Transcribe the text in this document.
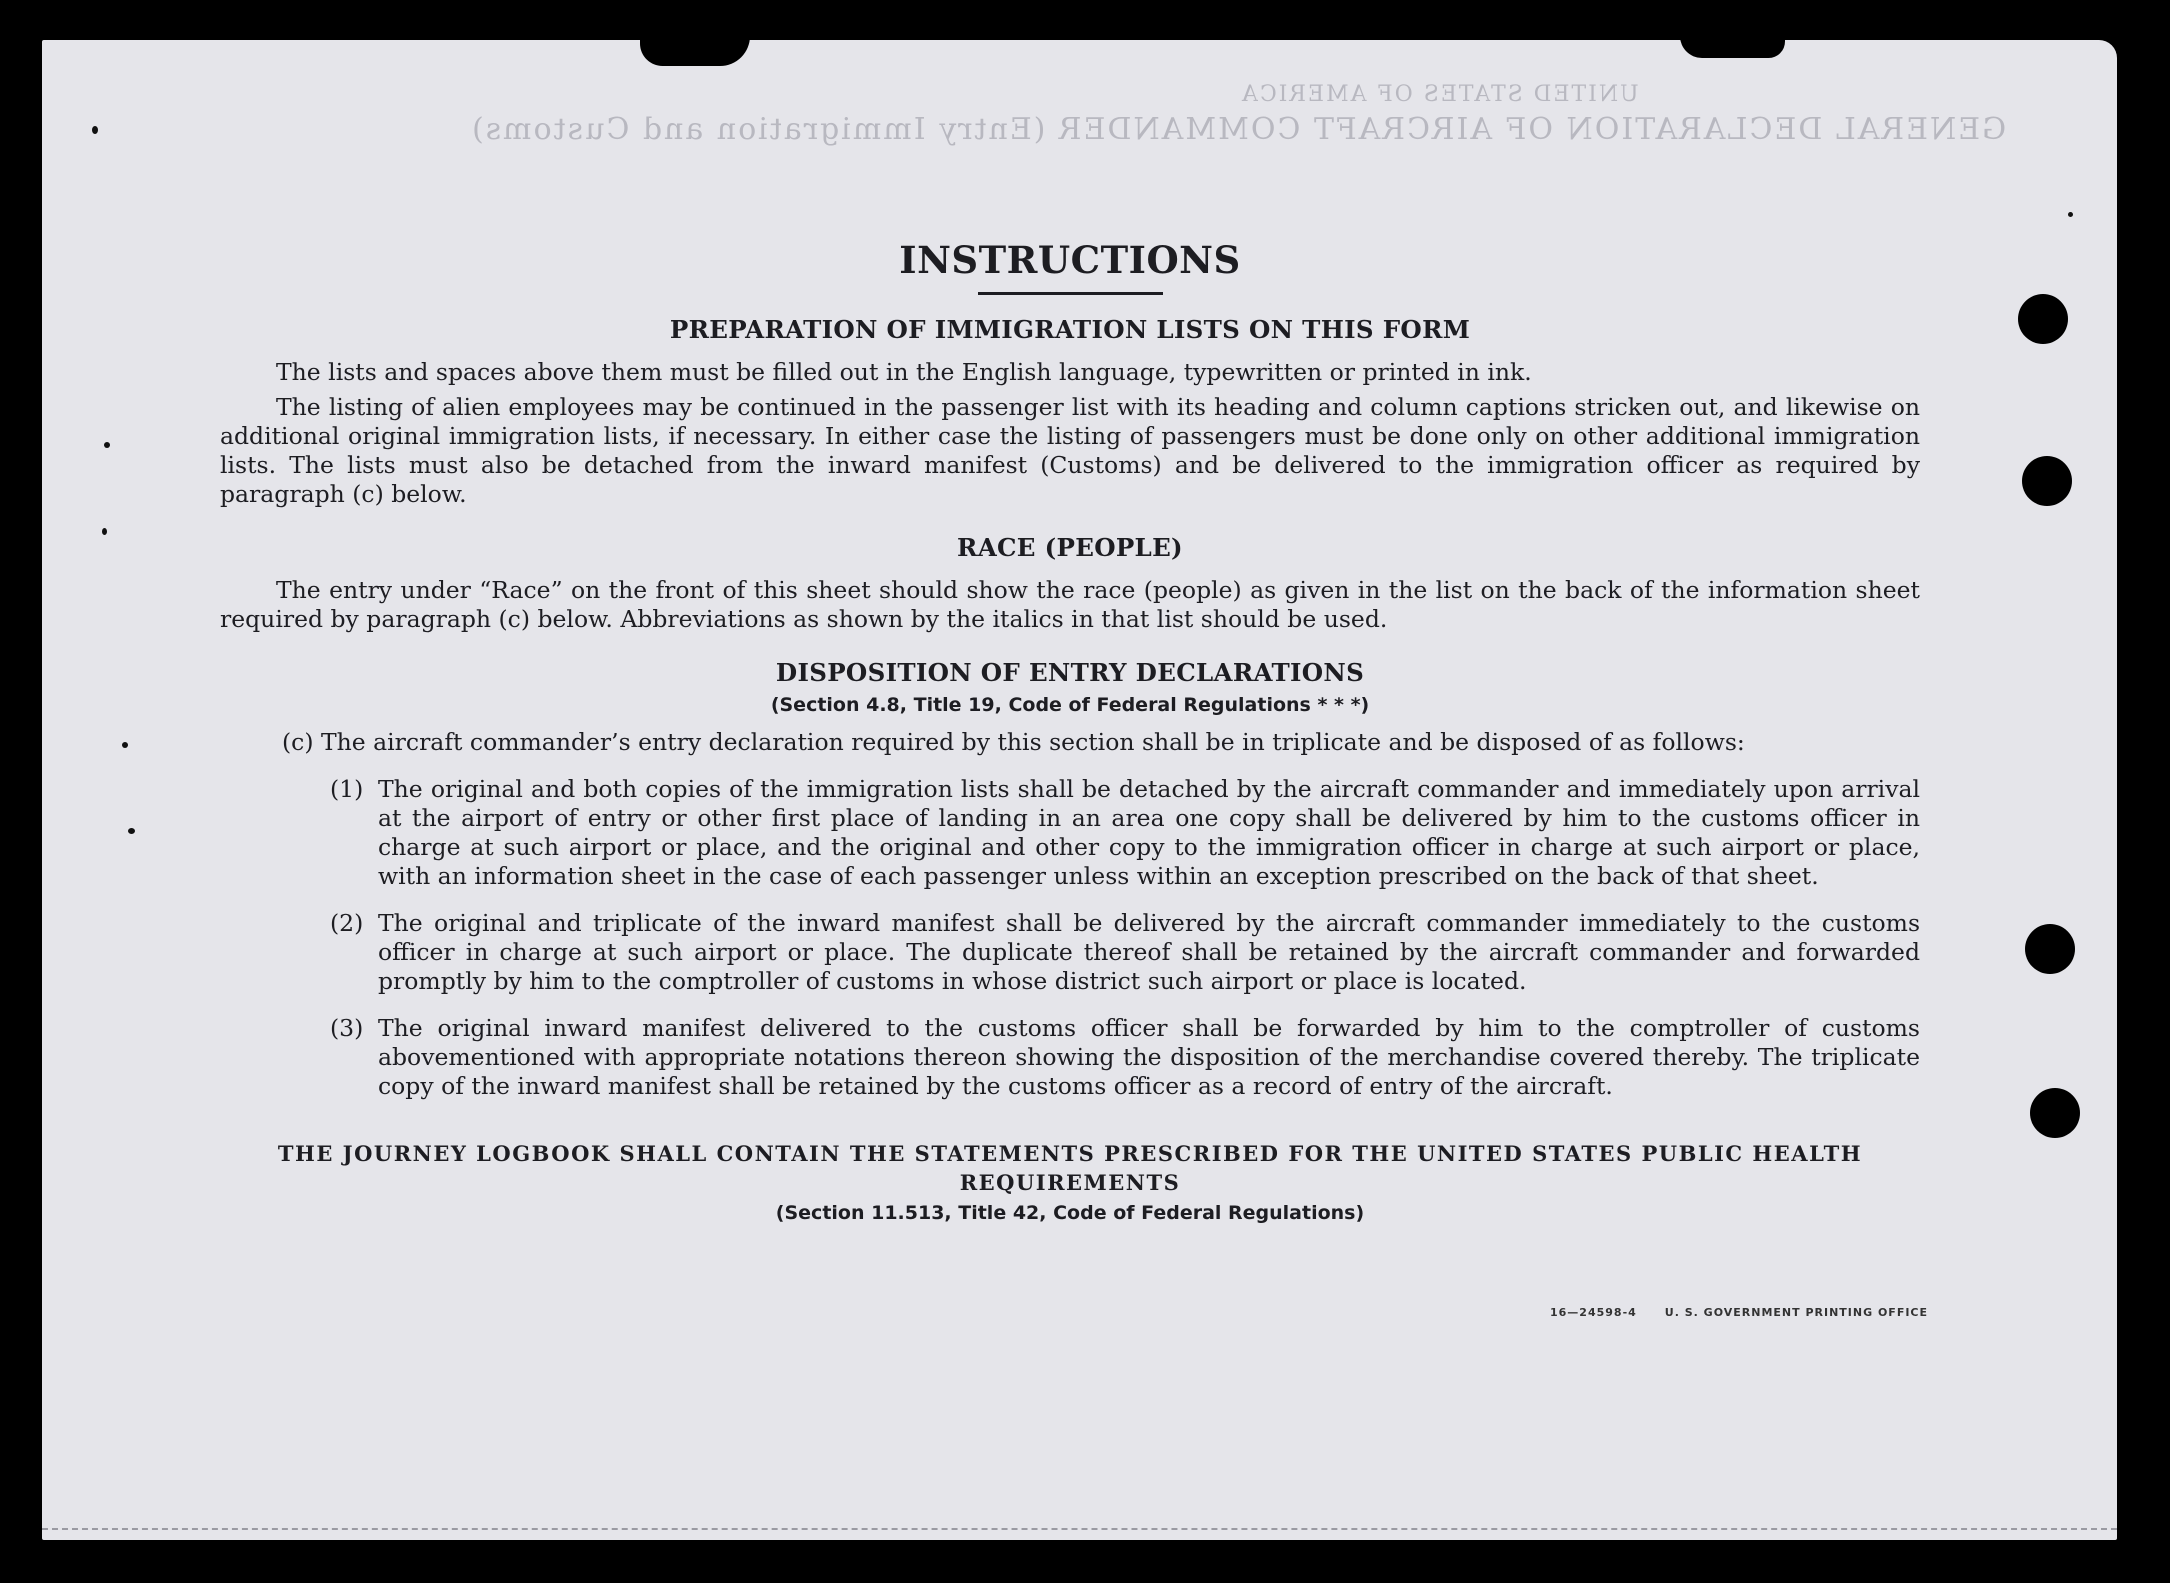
UNITED STATES OF AMERICA
GENERAL DECLARATION OF AIRCRAFT COMMANDER (Entry Immigration and Customs)
INSTRUCTIONS
PREPARATION OF IMMIGRATION LISTS ON THIS FORM

The lists and spaces above them must be filled out in the English language, typewritten or printed in ink.

The listing of alien employees may be continued in the passenger list with its heading and column captions stricken out, and likewise on additional original immigration lists, if necessary. In either case the listing of passengers must be done only on other additional immigration lists. The lists must also be detached from the inward manifest (Customs) and be delivered to the immigration officer as required by paragraph (c) below.

RACE (PEOPLE)

The entry under “Race” on the front of this sheet should show the race (people) as given in the list on the back of the information sheet required by paragraph (c) below. Abbreviations as shown by the italics in that list should be used.

DISPOSITION OF ENTRY DECLARATIONS
(Section 4.8, Title 19, Code of Federal Regulations * * *)

(c) The aircraft commander’s entry declaration required by this section shall be in triplicate and be disposed of as follows:

(1) The original and both copies of the immigration lists shall be detached by the aircraft commander and immediately upon arrival at the airport of entry or other first place of landing in an area one copy shall be delivered by him to the customs officer in charge at such airport or place, and the original and other copy to the immigration officer in charge at such airport or place, with an information sheet in the case of each passenger unless within an exception prescribed on the back of that sheet.
(2) The original and triplicate of the inward manifest shall be delivered by the aircraft commander immediately to the customs officer in charge at such airport or place. The duplicate thereof shall be retained by the aircraft commander and forwarded promptly by him to the comptroller of customs in whose district such airport or place is located.
(3) The original inward manifest delivered to the customs officer shall be forwarded by him to the comptroller of customs abovementioned with appropriate notations thereon showing the disposition of the merchandise covered thereby. The triplicate copy of the inward manifest shall be retained by the customs officer as a record of entry of the aircraft.
THE JOURNEY LOGBOOK SHALL CONTAIN THE STATEMENTS PRESCRIBED FOR THE UNITED STATES PUBLIC HEALTH REQUIREMENTS
(Section 11.513, Title 42, Code of Federal Regulations)
16—24598-4	U. S. GOVERNMENT PRINTING OFFICE
